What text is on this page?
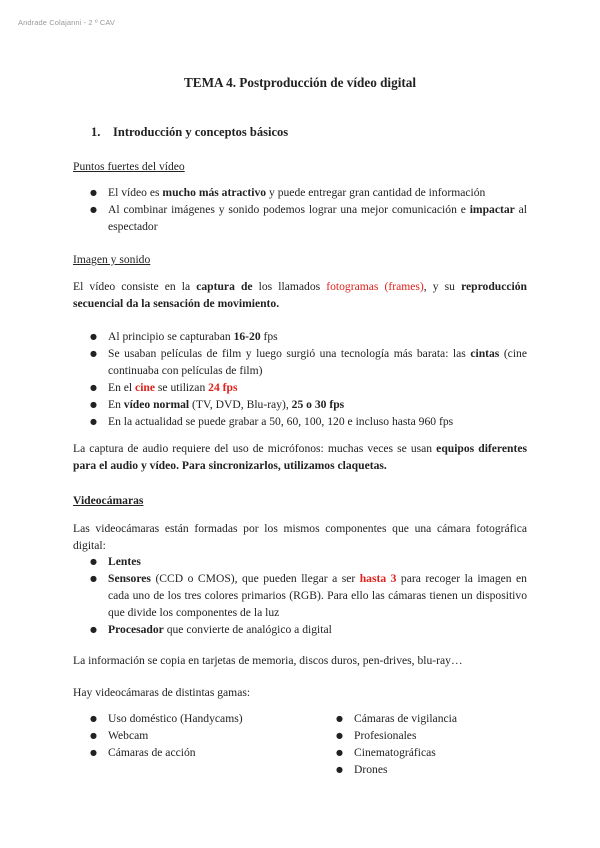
Andrade Colajanni - 2 º CAV
TEMA 4. Postproducción de vídeo digital
1. Introducción y conceptos básicos
Puntos fuertes del vídeo
● El vídeo es mucho más atractivo y puede entregar gran cantidad de información
● Al combinar imágenes y sonido podemos lograr una mejor comunicación e impactar al espectador
Imagen y sonido

El vídeo consiste en la captura de los llamados fotogramas (frames), y su reproducción secuencial da la sensación de movimiento.

● Al principio se capturaban 16-20 fps
● Se usaban películas de film y luego surgió una tecnología más barata: las cintas (cine continuaba con películas de film)
● En el cine se utilizan 24 fps
● En vídeo normal (TV, DVD, Blu-ray), 25 o 30 fps
● En la actualidad se puede grabar a 50, 60, 100, 120 e incluso hasta 960 fps

La captura de audio requiere del uso de micrófonos: muchas veces se usan equipos diferentes para el audio y vídeo. Para sincronizarlos, utilizamos claquetas.

Videocámaras

Las videocámaras están formadas por los mismos componentes que una cámara fotográfica digital:

● Lentes
● Sensores (CCD o CMOS), que pueden llegar a ser hasta 3 para recoger la imagen en cada uno de los tres colores primarios (RGB). Para ello las cámaras tienen un dispositivo que divide los componentes de la luz
● Procesador que convierte de analógico a digital

La información se copia en tarjetas de memoria, discos duros, pen-drives, blu-ray…

Hay videocámaras de distintas gamas:

● Uso doméstico (Handycams)
● Webcam
● Cámaras de acción
● Cámaras de vigilancia
● Profesionales
● Cinematográficas
● Drones
